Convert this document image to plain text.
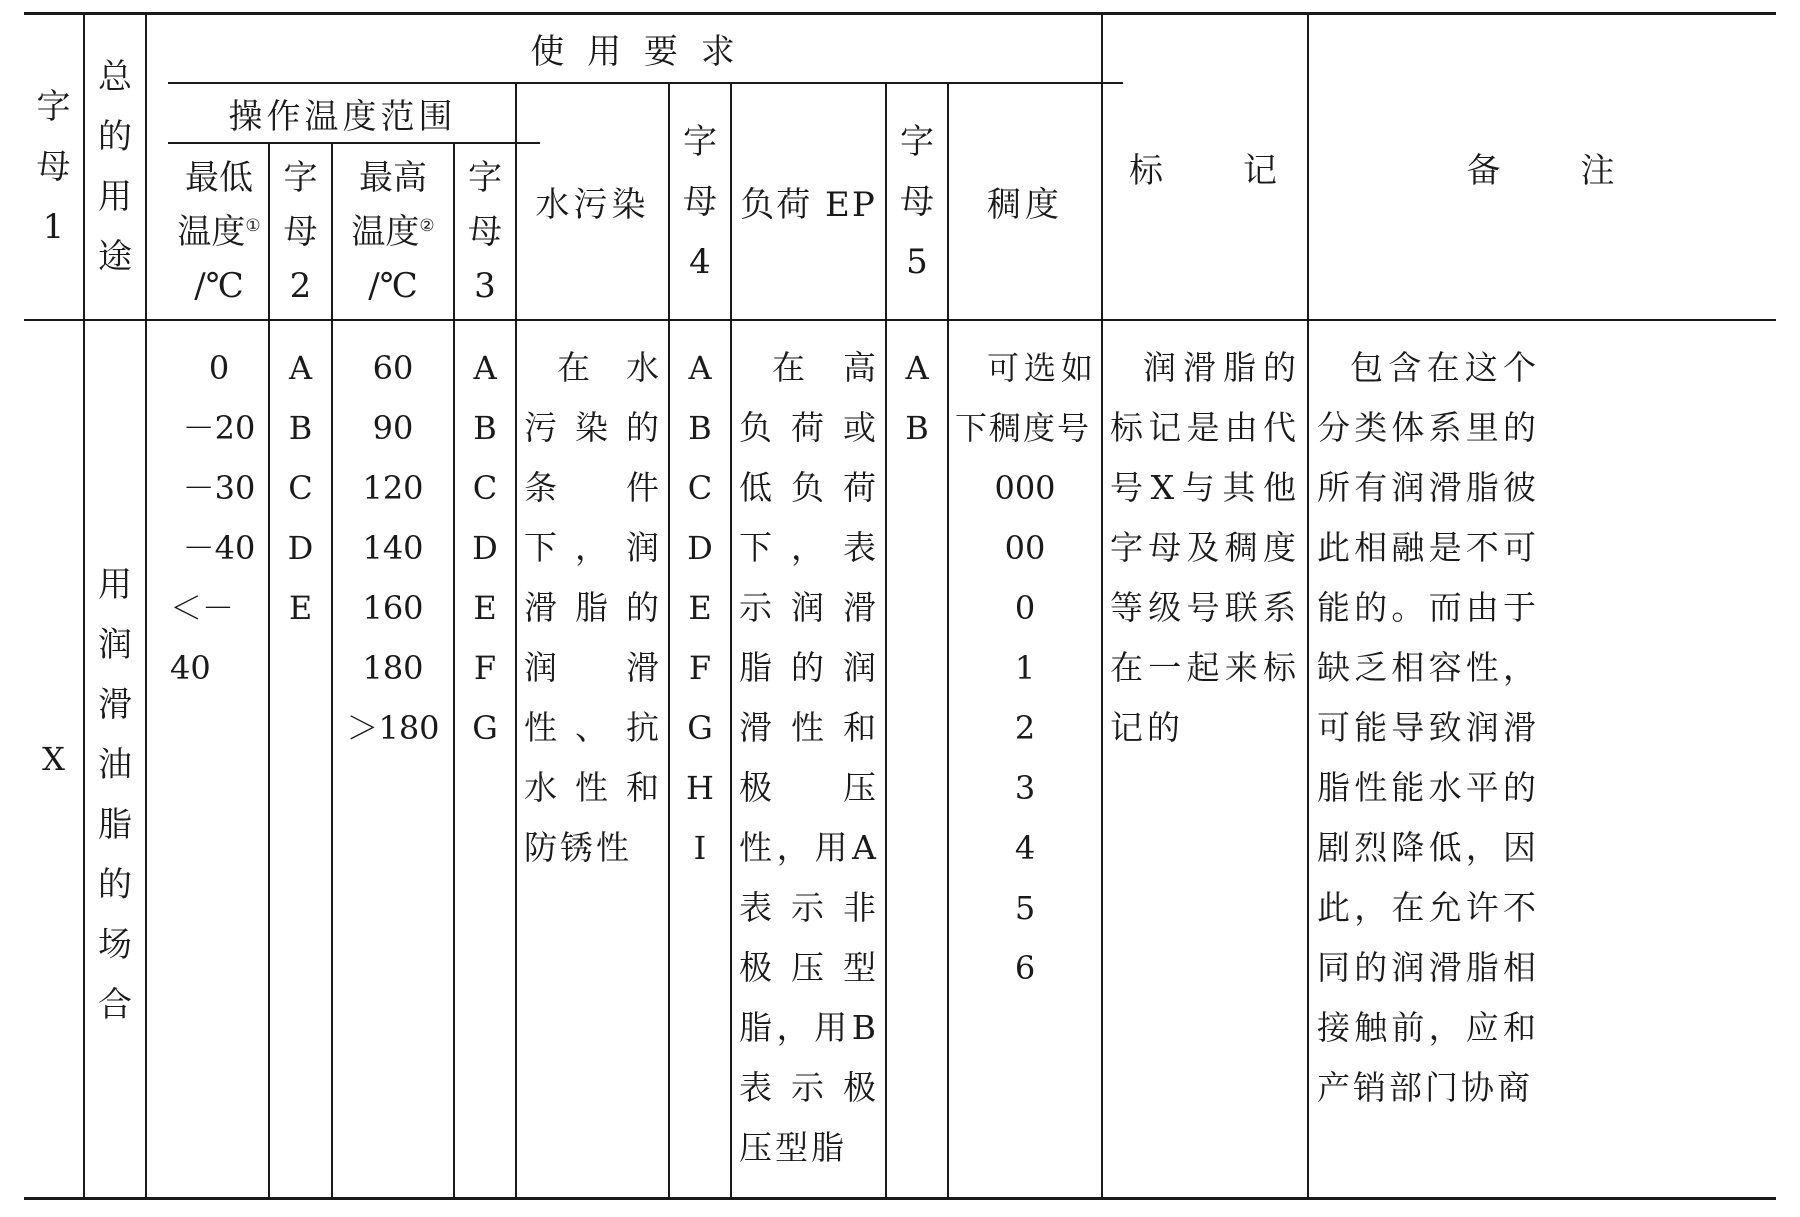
字
母
1
总
的
用
途
使 用 要 求
操作温度范围
最低
温度①
/℃
字
母
2
最高
温度②
/℃
字
母
3
水污染
字
母
4
负荷 EP
字
母
5
稠度
标　　记	备　　注
X
用
润
滑
油
脂
的
场
合
0
－20
－30
－40
＜－40
A
B
C
D
E
60
90
120
140
160
180
＞180
A
B
C
D
E
F
G
在水污染的条件下，润滑脂的润滑性、抗水性和防锈性
A
B
C
D
E
F
G
H
I
在高负荷或低负荷下，表示润滑脂的润滑性和极压性，用A表示非极压型脂，用B表示极压型脂
A
B
可选如下稠度号
000
00
0
1
2
3
4
5
6
润滑脂的标记是由代号X与其他字母及稠度等级号联系在一起来标记的
包含在这个分类体系里的所有润滑脂彼此相融是不可能的。而由于缺乏相容性，可能导致润滑脂性能水平的剧烈降低，因此，在允许不同的润滑脂相接触前，应和产销部门协商
